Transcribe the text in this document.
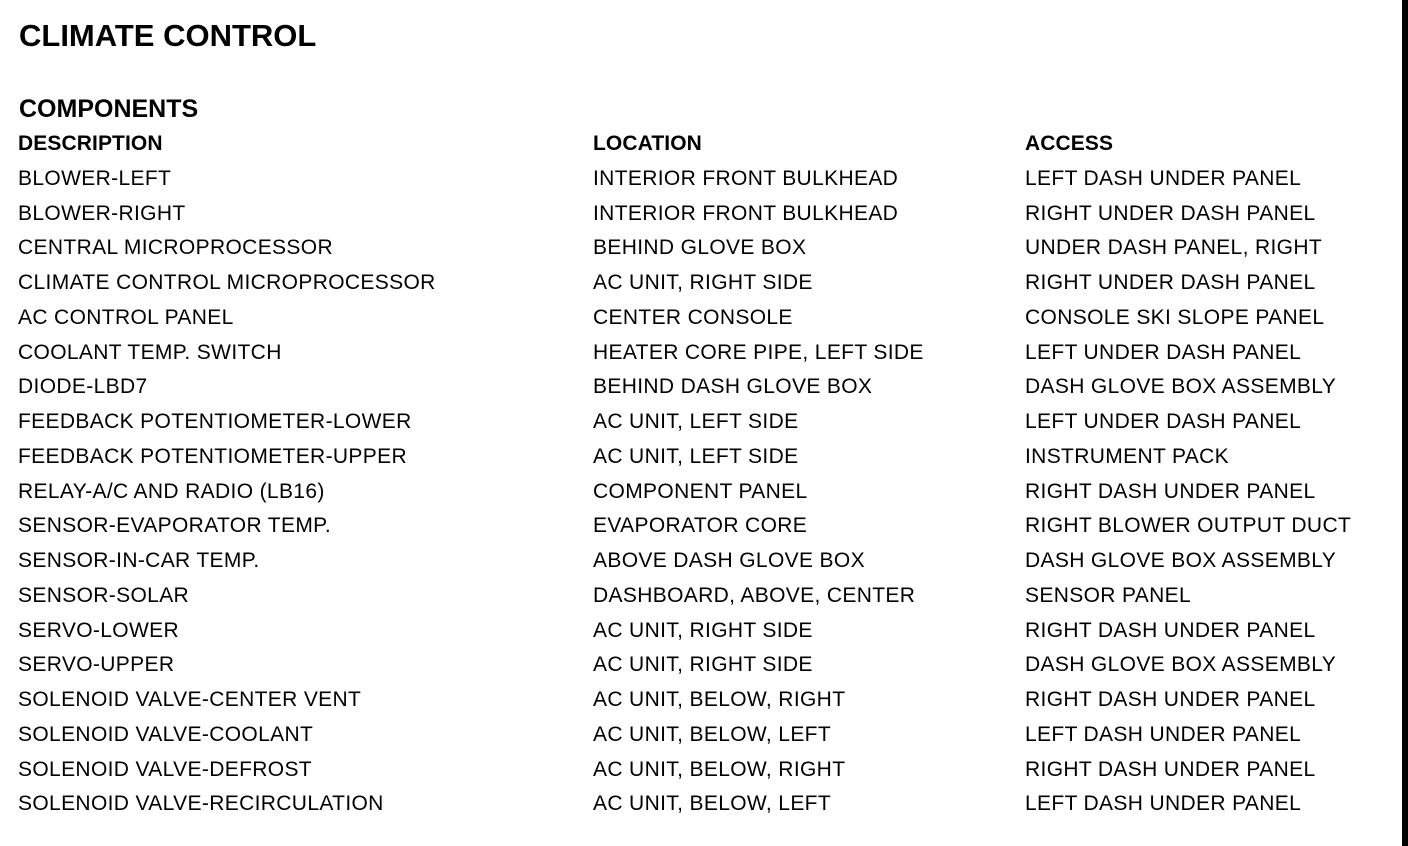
CLIMATE CONTROL
COMPONENTS
DESCRIPTION	LOCATION	ACCESS
BLOWER-LEFT	INTERIOR FRONT BULKHEAD	LEFT DASH UNDER PANEL
BLOWER-RIGHT	INTERIOR FRONT BULKHEAD	RIGHT UNDER DASH PANEL
CENTRAL MICROPROCESSOR	BEHIND GLOVE BOX	UNDER DASH PANEL, RIGHT
CLIMATE CONTROL MICROPROCESSOR	AC UNIT, RIGHT SIDE	RIGHT UNDER DASH PANEL
AC CONTROL PANEL	CENTER CONSOLE	CONSOLE SKI SLOPE PANEL
COOLANT TEMP. SWITCH	HEATER CORE PIPE, LEFT SIDE	LEFT UNDER DASH PANEL
DIODE-LBD7	BEHIND DASH GLOVE BOX	DASH GLOVE BOX ASSEMBLY
FEEDBACK POTENTIOMETER-LOWER	AC UNIT, LEFT SIDE	LEFT UNDER DASH PANEL
FEEDBACK POTENTIOMETER-UPPER	AC UNIT, LEFT SIDE	INSTRUMENT PACK
RELAY-A/C AND RADIO (LB16)	COMPONENT PANEL	RIGHT DASH UNDER PANEL
SENSOR-EVAPORATOR TEMP.	EVAPORATOR CORE	RIGHT BLOWER OUTPUT DUCT
SENSOR-IN-CAR TEMP.	ABOVE DASH GLOVE BOX	DASH GLOVE BOX ASSEMBLY
SENSOR-SOLAR	DASHBOARD, ABOVE, CENTER	SENSOR PANEL
SERVO-LOWER	AC UNIT, RIGHT SIDE	RIGHT DASH UNDER PANEL
SERVO-UPPER	AC UNIT, RIGHT SIDE	DASH GLOVE BOX ASSEMBLY
SOLENOID VALVE-CENTER VENT	AC UNIT, BELOW, RIGHT	RIGHT DASH UNDER PANEL
SOLENOID VALVE-COOLANT	AC UNIT, BELOW, LEFT	LEFT DASH UNDER PANEL
SOLENOID VALVE-DEFROST	AC UNIT, BELOW, RIGHT	RIGHT DASH UNDER PANEL
SOLENOID VALVE-RECIRCULATION	AC UNIT, BELOW, LEFT	LEFT DASH UNDER PANEL
